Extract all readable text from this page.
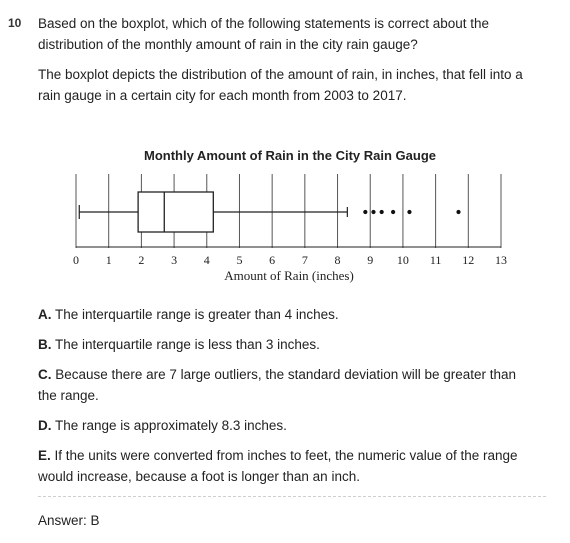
10 Based on the boxplot, which of the following statements is correct about the distribution of the monthly amount of rain in the city rain gauge?
The boxplot depicts the distribution of the amount of rain, in inches, that fell into a rain gauge in a certain city for each month from 2003 to 2017.
Monthly Amount of Rain in the City Rain Gauge
0 1 2 3 4 5 6 7 8 9 10 11 12 13
Amount of Rain (inches)
A. The interquartile range is greater than 4 inches.
B. The interquartile range is less than 3 inches.
C. Because there are 7 large outliers, the standard deviation will be greater than the range.
D. The range is approximately 8.3 inches.
E. If the units were converted from inches to feet, the numeric value of the range would increase, because a foot is longer than an inch.
Answer: B
